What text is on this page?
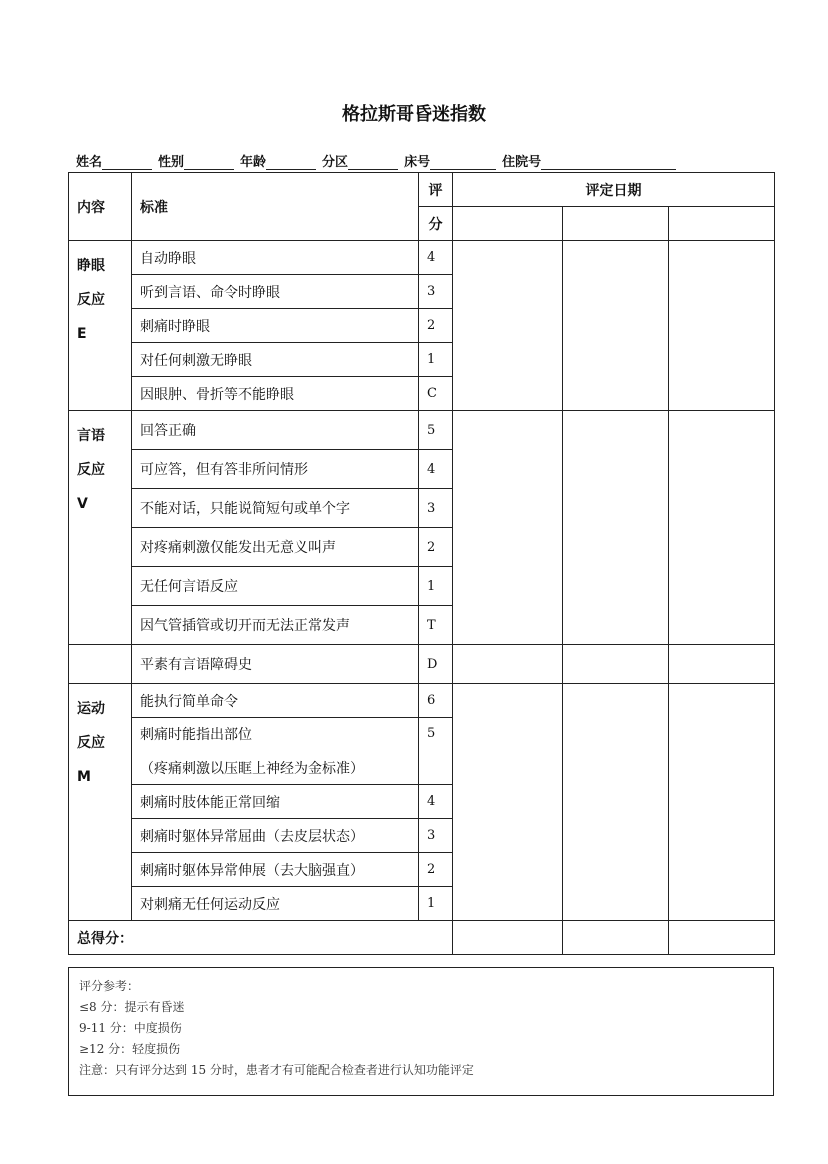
格拉斯哥昏迷指数
姓名	性别	年龄	分区	床号	住院号
内容	标准	评	评定日期		
		分			

睁眼
反应
E	自动睁眼	4			

	听到言语、命令时睁眼	3			

	刺痛时睁眼	2			

	对任何刺激无睁眼	1			

	因眼肿、骨折等不能睁眼	C			

言语
反应
V	回答正确	5			

	可应答，但有答非所问情形	4			

	不能对话，只能说简短句或单个字	3			

	对疼痛刺激仅能发出无意义叫声	2			

	无任何言语反应	1			

	因气管插管或切开而无法正常发声	T			

	平素有言语障碍史	D			

运动
反应
M	能执行简单命令	6			

	刺痛时能指出部位
（疼痛刺激以压眶上神经为金标准）	5			

	刺痛时肢体能正常回缩	4			

	刺痛时躯体异常屈曲（去皮层状态）	3			

	刺痛时躯体异常伸展（去大脑强直）	2			

	对刺痛无任何运动反应	1			
总得分：					
评分参考：
≤8 分：提示有昏迷
9-11 分：中度损伤
≥12 分：轻度损伤
注意：只有评分达到 15 分时，患者才有可能配合检查者进行认知功能评定
